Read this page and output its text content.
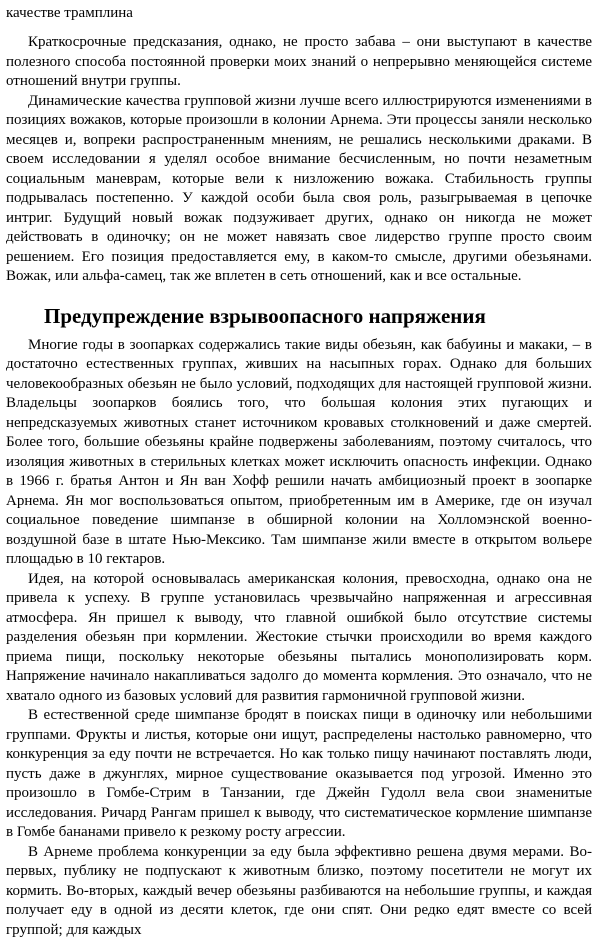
качестве трамплина

Краткосрочные предсказания, однако, не просто забава – они выступают в качестве полезного способа постоянной проверки моих знаний о непрерывно меняющейся системе отношений внутри группы.

Динамические качества групповой жизни лучше всего иллюстрируются изменениями в позициях вожаков, которые произошли в колонии Арнема. Эти процессы заняли несколько месяцев и, вопреки распространенным мнениям, не решались несколькими драками. В своем исследовании я уделял особое внимание бесчисленным, но почти незаметным социальным маневрам, которые вели к низложению вожака. Стабильность группы подрывалась постепенно. У каждой особи была своя роль, разыгрываемая в цепочке интриг. Будущий новый вожак подзуживает других, однако он никогда не может действовать в одиночку; он не может навязать свое лидерство группе просто своим решением. Его позиция предоставляется ему, в каком-то смысле, другими обезьянами. Вожак, или альфа-самец, так же вплетен в сеть отношений, как и все остальные.

Предупреждение взрывоопасного напряжения

Многие годы в зоопарках содержались такие виды обезьян, как бабуины и макаки, – в достаточно естественных группах, живших на насыпных горах. Однако для больших человекообразных обезьян не было условий, подходящих для настоящей групповой жизни. Владельцы зоопарков боялись того, что большая колония этих пугающих и непредсказуемых животных станет источником кровавых столкновений и даже смертей. Более того, большие обезьяны крайне подвержены заболеваниям, поэтому считалось, что изоляция животных в стерильных клетках может исключить опасность инфекции. Однако в 1966 г. братья Антон и Ян ван Хофф решили начать амбициозный проект в зоопарке Арнема. Ян мог воспользоваться опытом, приобретенным им в Америке, где он изучал социальное поведение шимпанзе в обширной колонии на Холломэнской военно-воздушной базе в штате Нью-Мексико. Там шимпанзе жили вместе в открытом вольере площадью в 10 гектаров.

Идея, на которой основывалась американская колония, превосходна, однако она не привела к успеху. В группе установилась чрезвычайно напряженная и агрессивная атмосфера. Ян пришел к выводу, что главной ошибкой было отсутствие системы разделения обезьян при кормлении. Жестокие стычки происходили во время каждого приема пищи, поскольку некоторые обезьяны пытались монополизировать корм. Напряжение начинало накапливаться задолго до момента кормления. Это означало, что не хватало одного из базовых условий для развития гармоничной групповой жизни.

В естественной среде шимпанзе бродят в поисках пищи в одиночку или небольшими группами. Фрукты и листья, которые они ищут, распределены настолько равномерно, что конкуренция за еду почти не встречается. Но как только пищу начинают поставлять люди, пусть даже в джунглях, мирное существование оказывается под угрозой. Именно это произошло в Гомбе-Стрим в Танзании, где Джейн Гудолл вела свои знаменитые исследования. Ричард Рангам пришел к выводу, что систематическое кормление шимпанзе в Гомбе бананами привело к резкому росту агрессии.

В Арнеме проблема конкуренции за еду была эффективно решена двумя мерами. Во-первых, публику не подпускают к животным близко, поэтому посетители не могут их кормить. Во-вторых, каждый вечер обезьяны разбиваются на небольшие группы, и каждая получает еду в одной из десяти клеток, где они спят. Они редко едят вместе со всей группой; для каждых
